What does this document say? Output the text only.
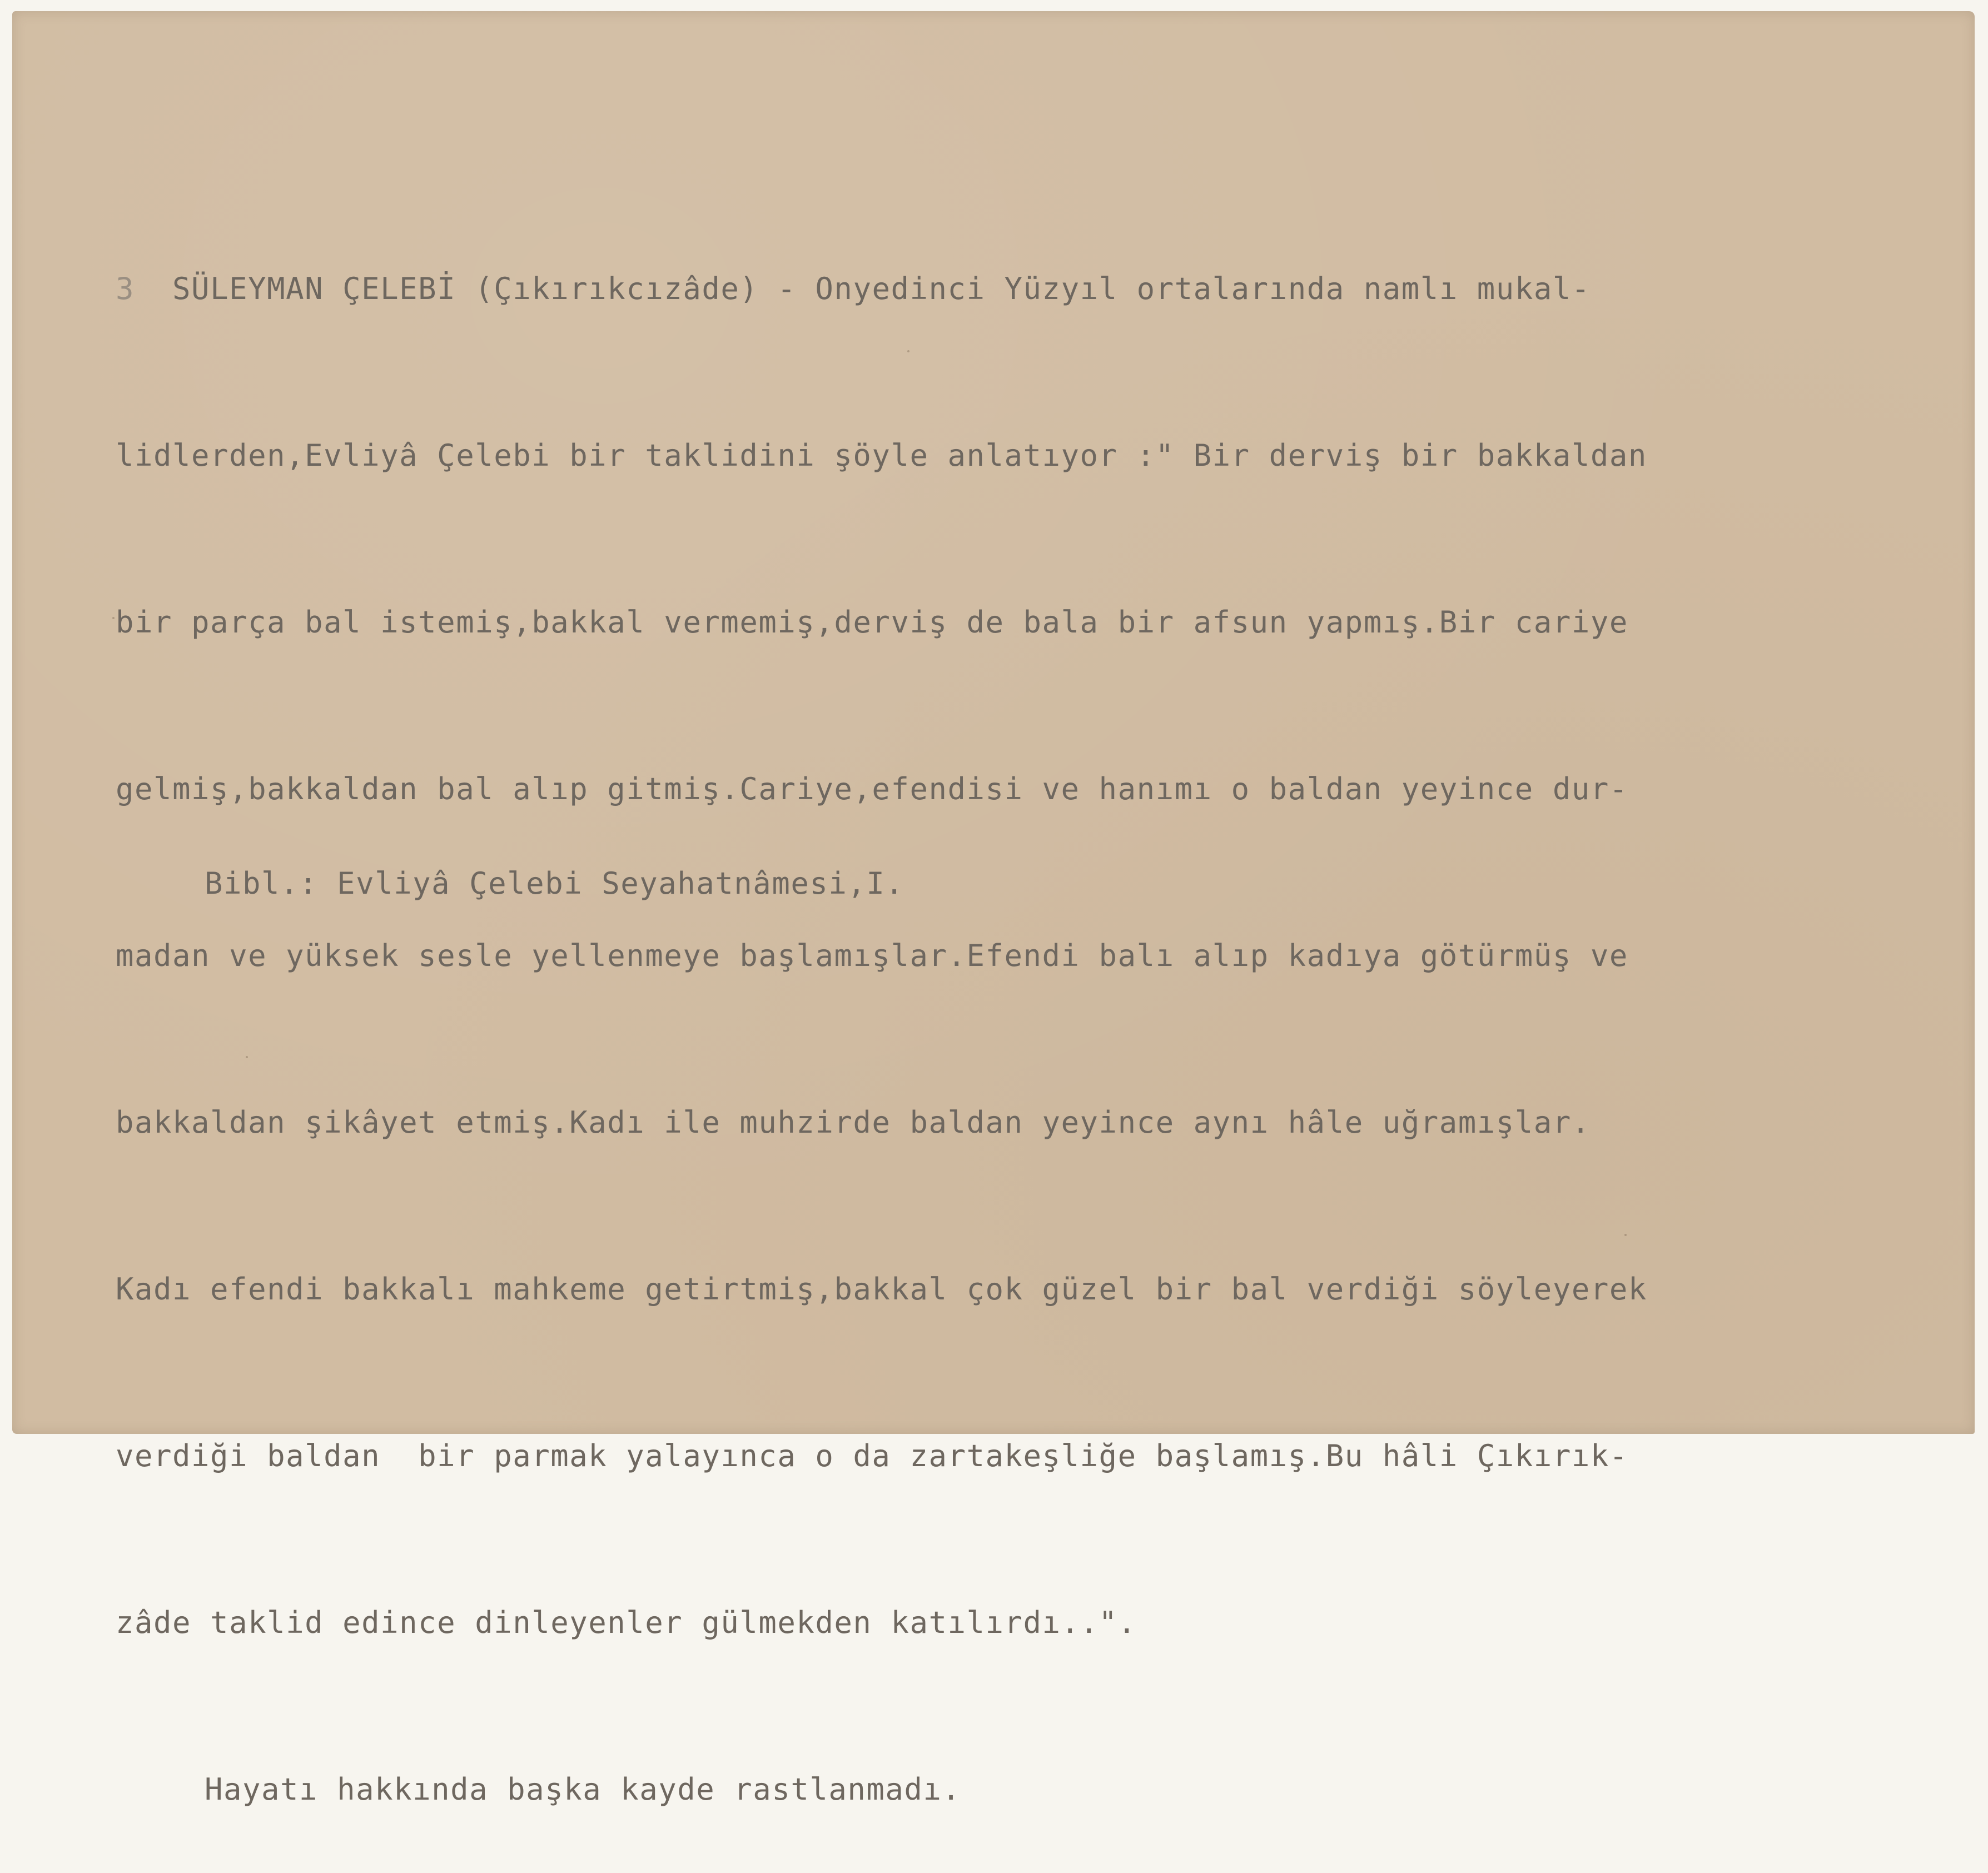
3 SÜLEYMAN ÇELEBİ (Çıkırıkcızâde) - Onyedinci Yüzyıl ortalarında namlı mukal-

lidlerden,Evliyâ Çelebi bir taklidini şöyle anlatıyor :" Bir derviş bir bakkaldan

bir parça bal istemiş,bakkal vermemiş,derviş de bala bir afsun yapmış.Bir cariye

gelmiş,bakkaldan bal alıp gitmiş.Cariye,efendisi ve hanımı o baldan yeyince dur-

madan ve yüksek sesle yellenmeye başlamışlar.Efendi balı alıp kadıya götürmüş ve

bakkaldan şikâyet etmiş.Kadı ile muhzirde baldan yeyince aynı hâle uğramışlar.

Kadı efendi bakkalı mahkeme getirtmiş,bakkal çok güzel bir bal verdiği söyleyerek

verdiği baldan  bir parmak yalayınca o da zartakeşliğe başlamış.Bu hâli Çıkırık-

zâde taklid edince dinleyenler gülmekden katılırdı..".

Hayatı hakkında başka kayde rastlanmadı.

Bibl.: Evliyâ Çelebi Seyahatnâmesi,I.
